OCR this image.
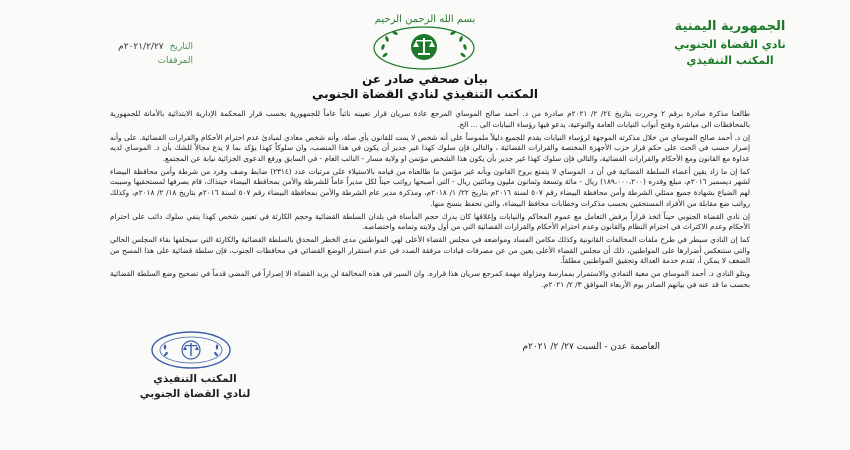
الجمهورية اليمنية
نادي القضاة الجنوبي
المكتب التنفيذي
بسم الله الرحمن الرحيم
التاريخ
٢٠٢١/٢/٢٧م
المرفقات
بيان صحفي صادر عن
المكتب التنفيذي لنادي القضاة الجنوبي

طالعنا مذكرة صادرة برقم ٢ وحررت بتاريخ ٢٤/ ٢/ ٢٠٢١م صادرة من د. أحمد صالح الموساي المرجع عادة سريان قرار تعيينه نائباً عاماً للجمهورية بحسب قرار المحكمة الإدارية الابتدائية بالأمانة للجمهورية بالمحافظات الى مباشرة وفتح أبواب النيابات العامة والنوعية، يدعو فيها رؤساء النيابات الى ... الخ.

إن د. أحمد صالح الموساي من خلال مذكرته الموجهة لرؤساء النيابات يقدم للجميع دليلاً ملموساً على أنه شخص لا يمت للقانون بأي صلة، وأنه شخص معادي لمبادئ عدم احترام الأحكام والقرارات القضائية. على وأنه إصرار حسب في الحث على حكم قرار حزب الأجهزة المختصة والقرارات القضائية ، والتالي فإن سلوك كهذا غير جدير أن يكون في هذا المنصب، وان سلوكاً كهذا يؤكد بما لا يدع مجالاً للشك بأن د. الموساي لديه عداوة مع القانون ومع الأحكام والقرارات القضائية، والتالي فإن سلوك كهذا غير جدير بأن يكون هذا الشخص مؤتمن او ولاية مسار - النائب العام - في السابق ورفع الدعوى الجزائية نيابة عن المجتمع.

كما إن ما زاد يقين أعضاء السلطة القضائية في أن د. الموساي لا يتمتع بروح القانون وبأنه غير مؤتمن ما طالعناه من قيامه بالاستيلاء على مرتبات عدد (٢٣١٤) ضابط وصف وفرد من شرطة وأمن محافظة البيضاء لشهر ديسمبر ٢٠١٦م، مبلغ وقدره (١٨٩،٠٠٠،٢٠٠) ريال - مائة وتسعة وثمانون مليون ومائتين ريال - التي أصبحها رواتب حيناً لكل مديراً عاماً للشرطة والأمن بمحافظة البيضاء حينذاك، قام بصرفها لمستحقيها وسببت لهم الضياع بشهادة جميع ممثلي الشرطة وأمن محافظة البيضاء رقم ٥٠٧ لسنة ٢٠١٦م بتاريخ ٢٢/ ١/ ٢٠١٨م، ومذكرة مدير عام الشرطة والأمن بمحافظة البيضاء رقم ٥٠٧ لسنة ٢٠١٦م بتاريخ ١٨/ ٢/ ٢٠١٨م، وكذلك رواتب ضع مقابلة من الأفراد المستحقين بحسب مذكرات وخطابات محافظ البيضاء، والتي تحفظ بنسخ منها.

إن نادي القضاة الجنوبي حيناً اتخذ قراراً برفض التعامل مع عموم المحاكم والنيابات وإغلاقها كان يدرك حجم المأساة في بلدان السلطة القضائية وحجم الكارثة في تعيين شخص كهذا ينفي سلوك دائب على احترام الأحكام وعدم الاكتراث في احترام النظام والقانون وعدم احترام الأحكام والقرارات القضائية التي من أول ولايته وتمامه واختصاصه.

كما إن النادي سيطر في طرح ملفات المخالفات القانونية وكذلك مكامن الفساد ومواضعه في مجلس القضاء الأعلى لهي المواطنين مدى الخطر المحدق بالسلطة القضائية والكارثة التي سيخلفها بقاء المجلس الحالي والتي ستنعكس أضرارها على المواطنين، ذلك أن مجلس القضاء الأعلى يعين من عن مصرفات قيادات مرفقة الصدد في عدم استقرار الوضع القضائي في محافظات الجنوب، فإن سلطة قضائية على هذا المسح من الضعف لا يمكن أ، تقدم خدمة العدالة وتحقيق المواطنين مطلقاً.

ويتلو النادي د. أحمد الموساي من معبة التمادي والاستمرار بممارسة ومزاولة مهمة كمرجع سريان هذا قراره. وان السير في هذه المخالفة لن يزيد القضاة الا إصراراً في المضي قدماً في تصحيح وضع السلطة القضائية بحسب ما قد عنه في بيانهم الصادر يوم الأربعاء الموافق ٣/ ٢/ ٢٠٢١م.

العاصمة عدن - السبت ٢٧/ ٢/ ٢٠٢١م
المكتب التنفيذي
لنادي القضاة الجنوبي
